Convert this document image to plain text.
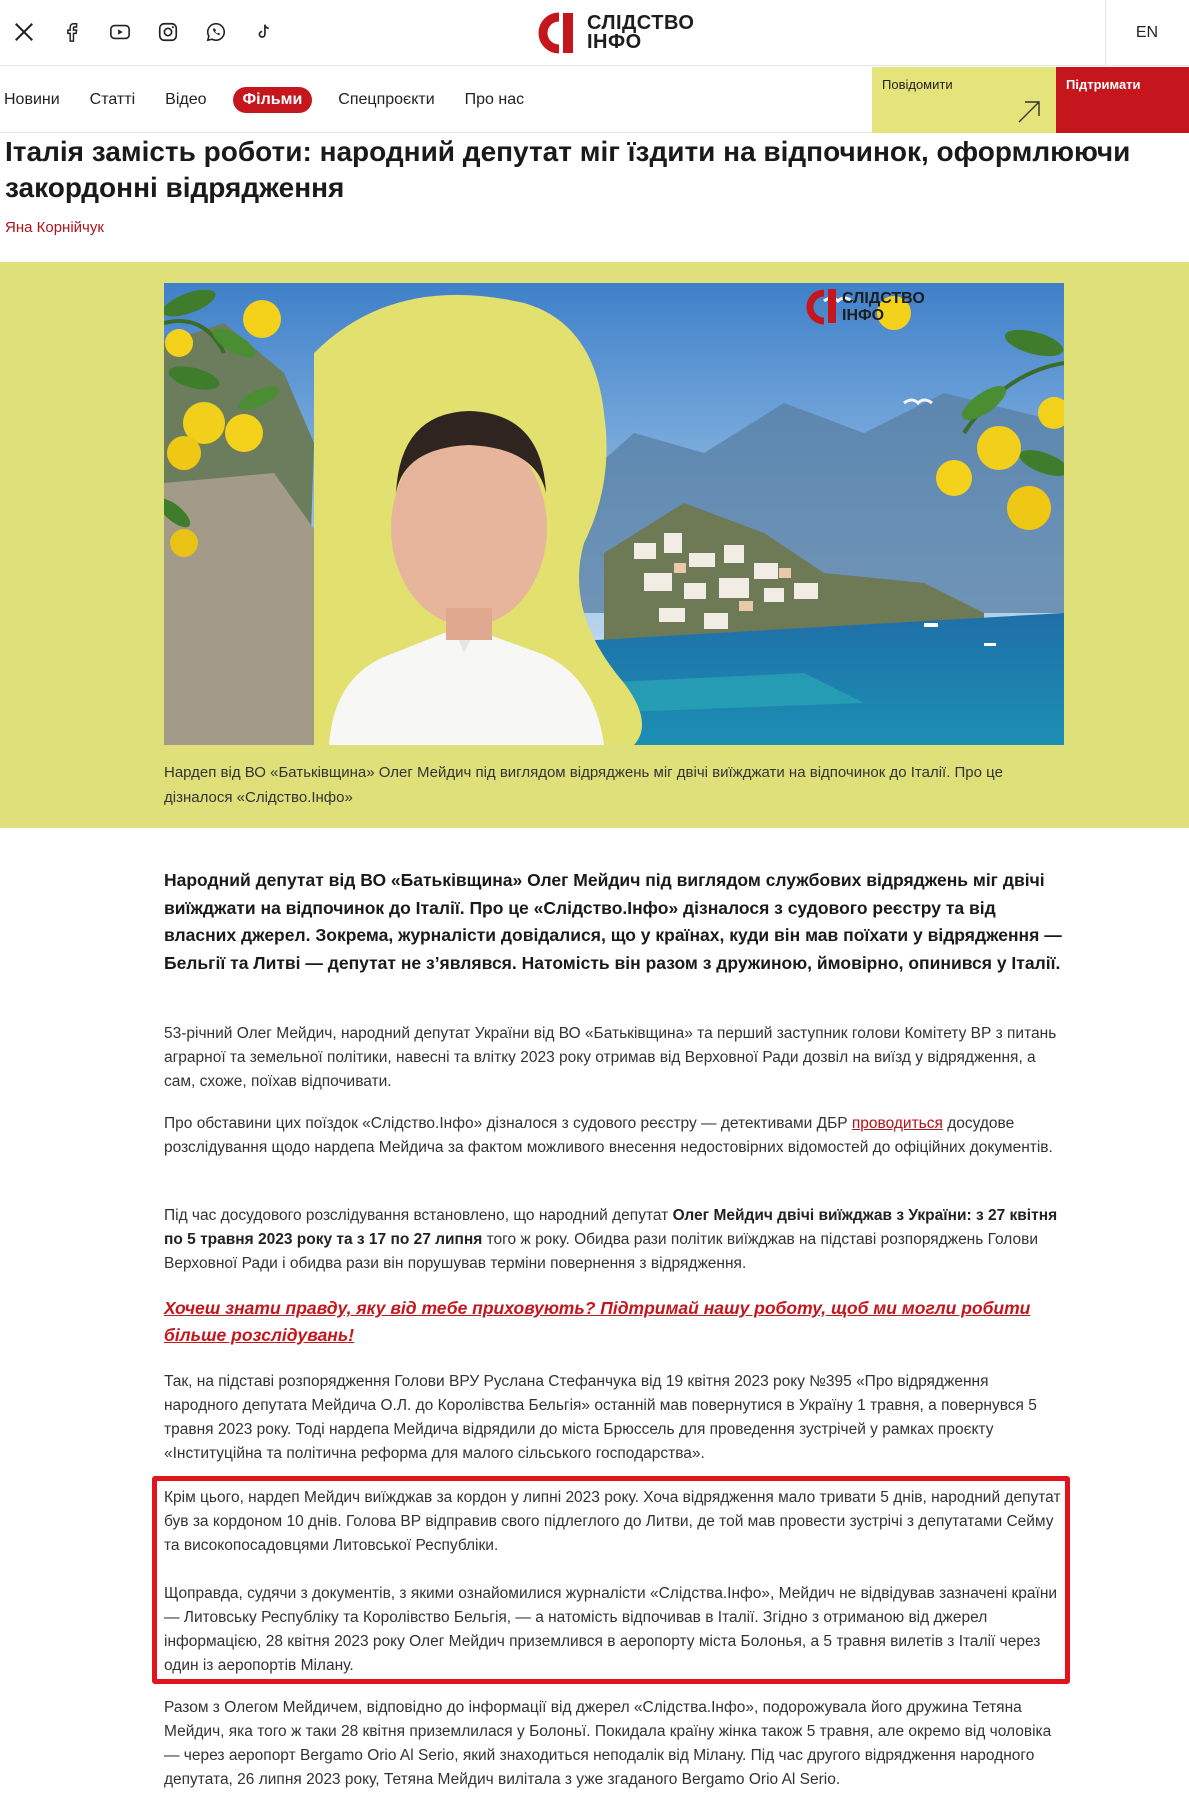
СЛІДСТВО
ІНФО	EN
Новини Статті Відео	Фільми	Спецпроєкти Про нас
Повідомити	Підтримати
Італія замість роботи: народний депутат міг їздити на відпочинок, оформлюючи
закордонні відрядження
Яна Корнійчук
СЛІДСТВО
ІНФО

Нардеп від ВО «Батьківщина» Олег Мейдич під виглядом відряджень міг двічі виїжджати на відпочинок до Італії. Про це дізналося «Слідство.Інфо»

Народний депутат від ВО «Батьківщина» Олег Мейдич під виглядом службових відряджень міг двічі виїжджати на відпочинок до Італії. Про це «Слідство.Інфо» дізналося з судового реєстру та від власних джерел. Зокрема, журналісти довідалися, що у країнах, куди він мав поїхати у відрядження — Бельгії та Литві — депутат не з’являвся. Натомість він разом з дружиною, ймовірно, опинився у Італії.

53-річний Олег Мейдич, народний депутат України від ВО «Батьківщина» та перший заступник голови Комітету ВР з питань аграрної та земельної політики, навесні та влітку 2023 року отримав від Верховної Ради дозвіл на виїзд у відрядження, а сам, схоже, поїхав відпочивати.

Про обставини цих поїздок «Слідство.Інфо» дізналося з судового реєстру — детективами ДБР проводиться досудове розслідування щодо нардепа Мейдича за фактом можливого внесення недостовірних відомостей до офіційних документів.

Під час досудового розслідування встановлено, що народний депутат Олег Мейдич двічі виїжджав з України: з 27 квітня по 5 травня 2023 року та з 17 по 27 липня того ж року. Обидва рази політик виїжджав на підставі розпоряджень Голови Верховної Ради і обидва рази він порушував терміни повернення з відрядження.

Хочеш знати правду, яку від тебе приховують? Підтримай нашу роботу, щоб ми могли робити більше розслідувань!

Так, на підставі розпорядження Голови ВРУ Руслана Стефанчука від 19 квітня 2023 року №395 «Про відрядження народного депутата Мейдича О.Л. до Королівства Бельгія» останній мав повернутися в Україну 1 травня, а повернувся 5 травня 2023 року. Тоді нардепа Мейдича відрядили до міста Брюссель для проведення зустрічей у рамках проєкту «Інституційна та політична реформа для малого сільського господарства».

Крім цього, нардеп Мейдич виїжджав за кордон у липні 2023 року. Хоча відрядження мало тривати 5 днів, народний депутат був за кордоном 10 днів. Голова ВР відправив свого підлеглого до Литви, де той мав провести зустрічі з депутатами Сейму та високопосадовцями Литовської Республіки.

Щоправда, судячи з документів, з якими ознайомилися журналісти «Слідства.Інфо», Мейдич не відвідував зазначені країни — Литовську Республіку та Королівство Бельгія, — а натомість відпочивав в Італії. Згідно з отриманою від джерел інформацією, 28 квітня 2023 року Олег Мейдич приземлився в аеропорту міста Болонья, а 5 травня вилетів з Італії через один із аеропортів Мілану.

Разом з Олегом Мейдичем, відповідно до інформації від джерел «Слідства.Інфо», подорожувала його дружина Тетяна Мейдич, яка того ж таки 28 квітня приземлилася у Болоньї. Покидала країну жінка також 5 травня, але окремо від чоловіка — через аеропорт Bergamo Orio Al Serio, який знаходиться неподалік від Мілану. Під час другого відрядження народного депутата, 26 липня 2023 року, Тетяна Мейдич вилітала з уже згаданого Bergamo Orio Al Serio.
